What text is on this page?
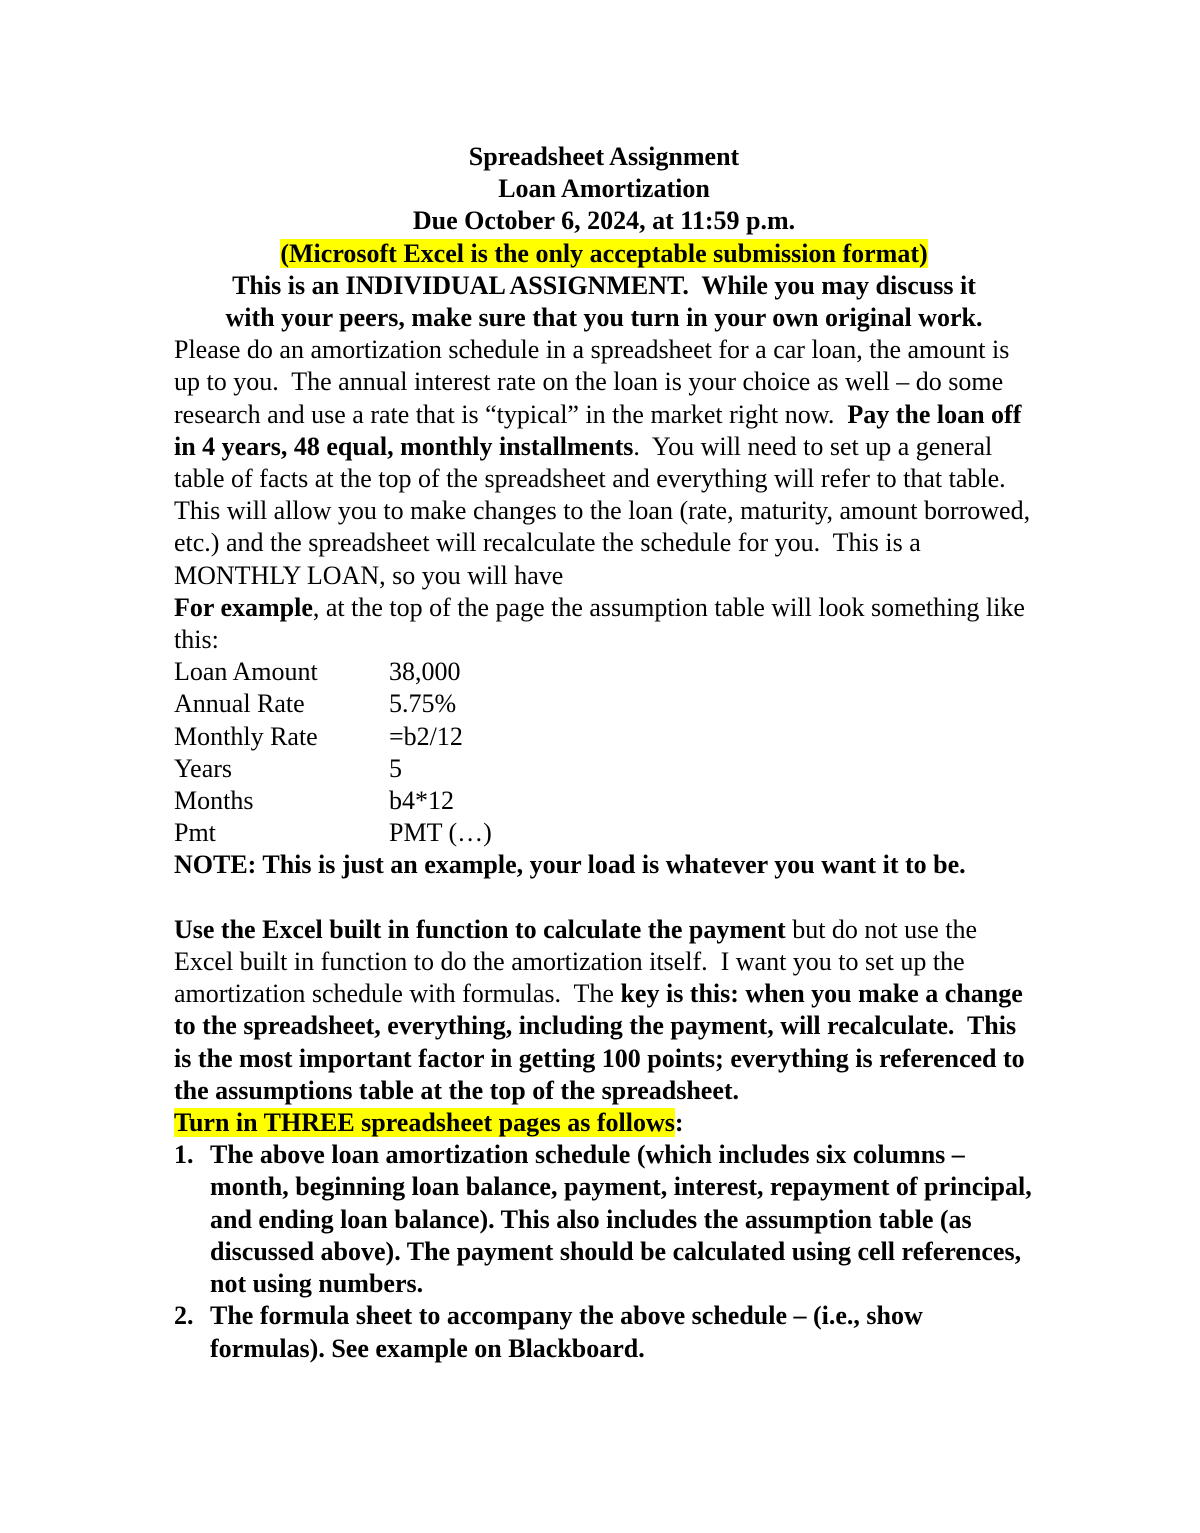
Spreadsheet Assignment
Loan Amortization
Due October 6, 2024, at 11:59 p.m.
(Microsoft Excel is the only acceptable submission format)
This is an INDIVIDUAL ASSIGNMENT.  While you may discuss it
with your peers, make sure that you turn in your own original work.

Please do an amortization schedule in a spreadsheet for a car loan, the amount is up to you.  The annual interest rate on the loan is your choice as well – do some research and use a rate that is “typical” in the market right now.  Pay the loan off in 4 years, 48 equal, monthly installments.  You will need to set up a general table of facts at the top of the spreadsheet and everything will refer to that table.  This will allow you to make changes to the loan (rate, maturity, amount borrowed, etc.) and the spreadsheet will recalculate the schedule for you.  This is a MONTHLY LOAN, so you will have

For example, at the top of the page the assumption table will look something like this:

Loan Amount	38,000
Annual Rate	5.75%
Monthly Rate	=b2/12
Years	5
Months	b4*12
Pmt	PMT (…)
NOTE: This is just an example, your load is whatever you want it to be.

Use the Excel built in function to calculate the payment but do not use the Excel built in function to do the amortization itself.  I want you to set up the amortization schedule with formulas.  The key is this: when you make a change to the spreadsheet, everything, including the payment, will recalculate.  This is the most important factor in getting 100 points; everything is referenced to the assumptions table at the top of the spreadsheet.

Turn in THREE spreadsheet pages as follows:
1. The above loan amortization schedule (which includes six columns – month, beginning loan balance, payment, interest, repayment of principal, and ending loan balance). This also includes the assumption table (as discussed above). The payment should be calculated using cell references, not using numbers.
2. The formula sheet to accompany the above schedule – (i.e., show formulas). See example on Blackboard.
